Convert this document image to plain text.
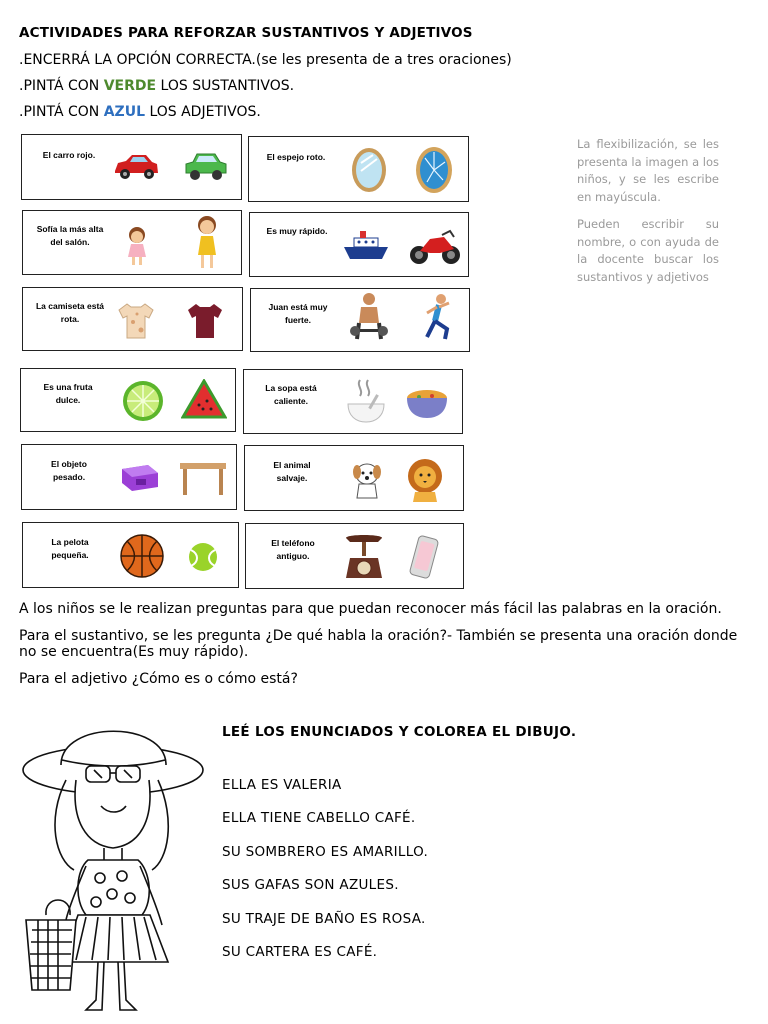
ACTIVIDADES PARA REFORZAR SUSTANTIVOS Y ADJETIVOS
.ENCERRÁ LA OPCIÓN CORRECTA.(se les presenta de a tres oraciones)
.PINTÁ CON VERDE LOS SUSTANTIVOS.
.PINTÁ CON AZUL LOS ADJETIVOS.
La flexibilización, se les presenta la imagen a los niños, y se les escribe en mayúscula.
Pueden escribir su nombre, o con ayuda de la docente buscar los sustantivos y adjetivos
El carro rojo.	El espejo roto.
Sofía la más alta del salón.
Es muy rápido.
La camiseta está rota.
Juan está muy fuerte.
Es una fruta dulce.
La sopa está caliente.
El objeto pesado.
El animal salvaje.
La pelota pequeña.
El teléfono antiguo.
A los niños se le realizan preguntas para que puedan reconocer más fácil las palabras en la oración.
Para el sustantivo, se les pregunta ¿De qué habla la oración?- También se presenta una oración donde no se encuentra(Es muy rápido).
Para el adjetivo ¿Cómo es o cómo está?
LEÉ LOS ENUNCIADOS Y COLOREA EL DIBUJO.
ELLA ES VALERIA
ELLA TIENE CABELLO CAFÉ.
SU SOMBRERO ES AMARILLO.
SUS GAFAS SON AZULES.
SU TRAJE DE BAÑO ES ROSA.
SU CARTERA ES CAFÉ.
